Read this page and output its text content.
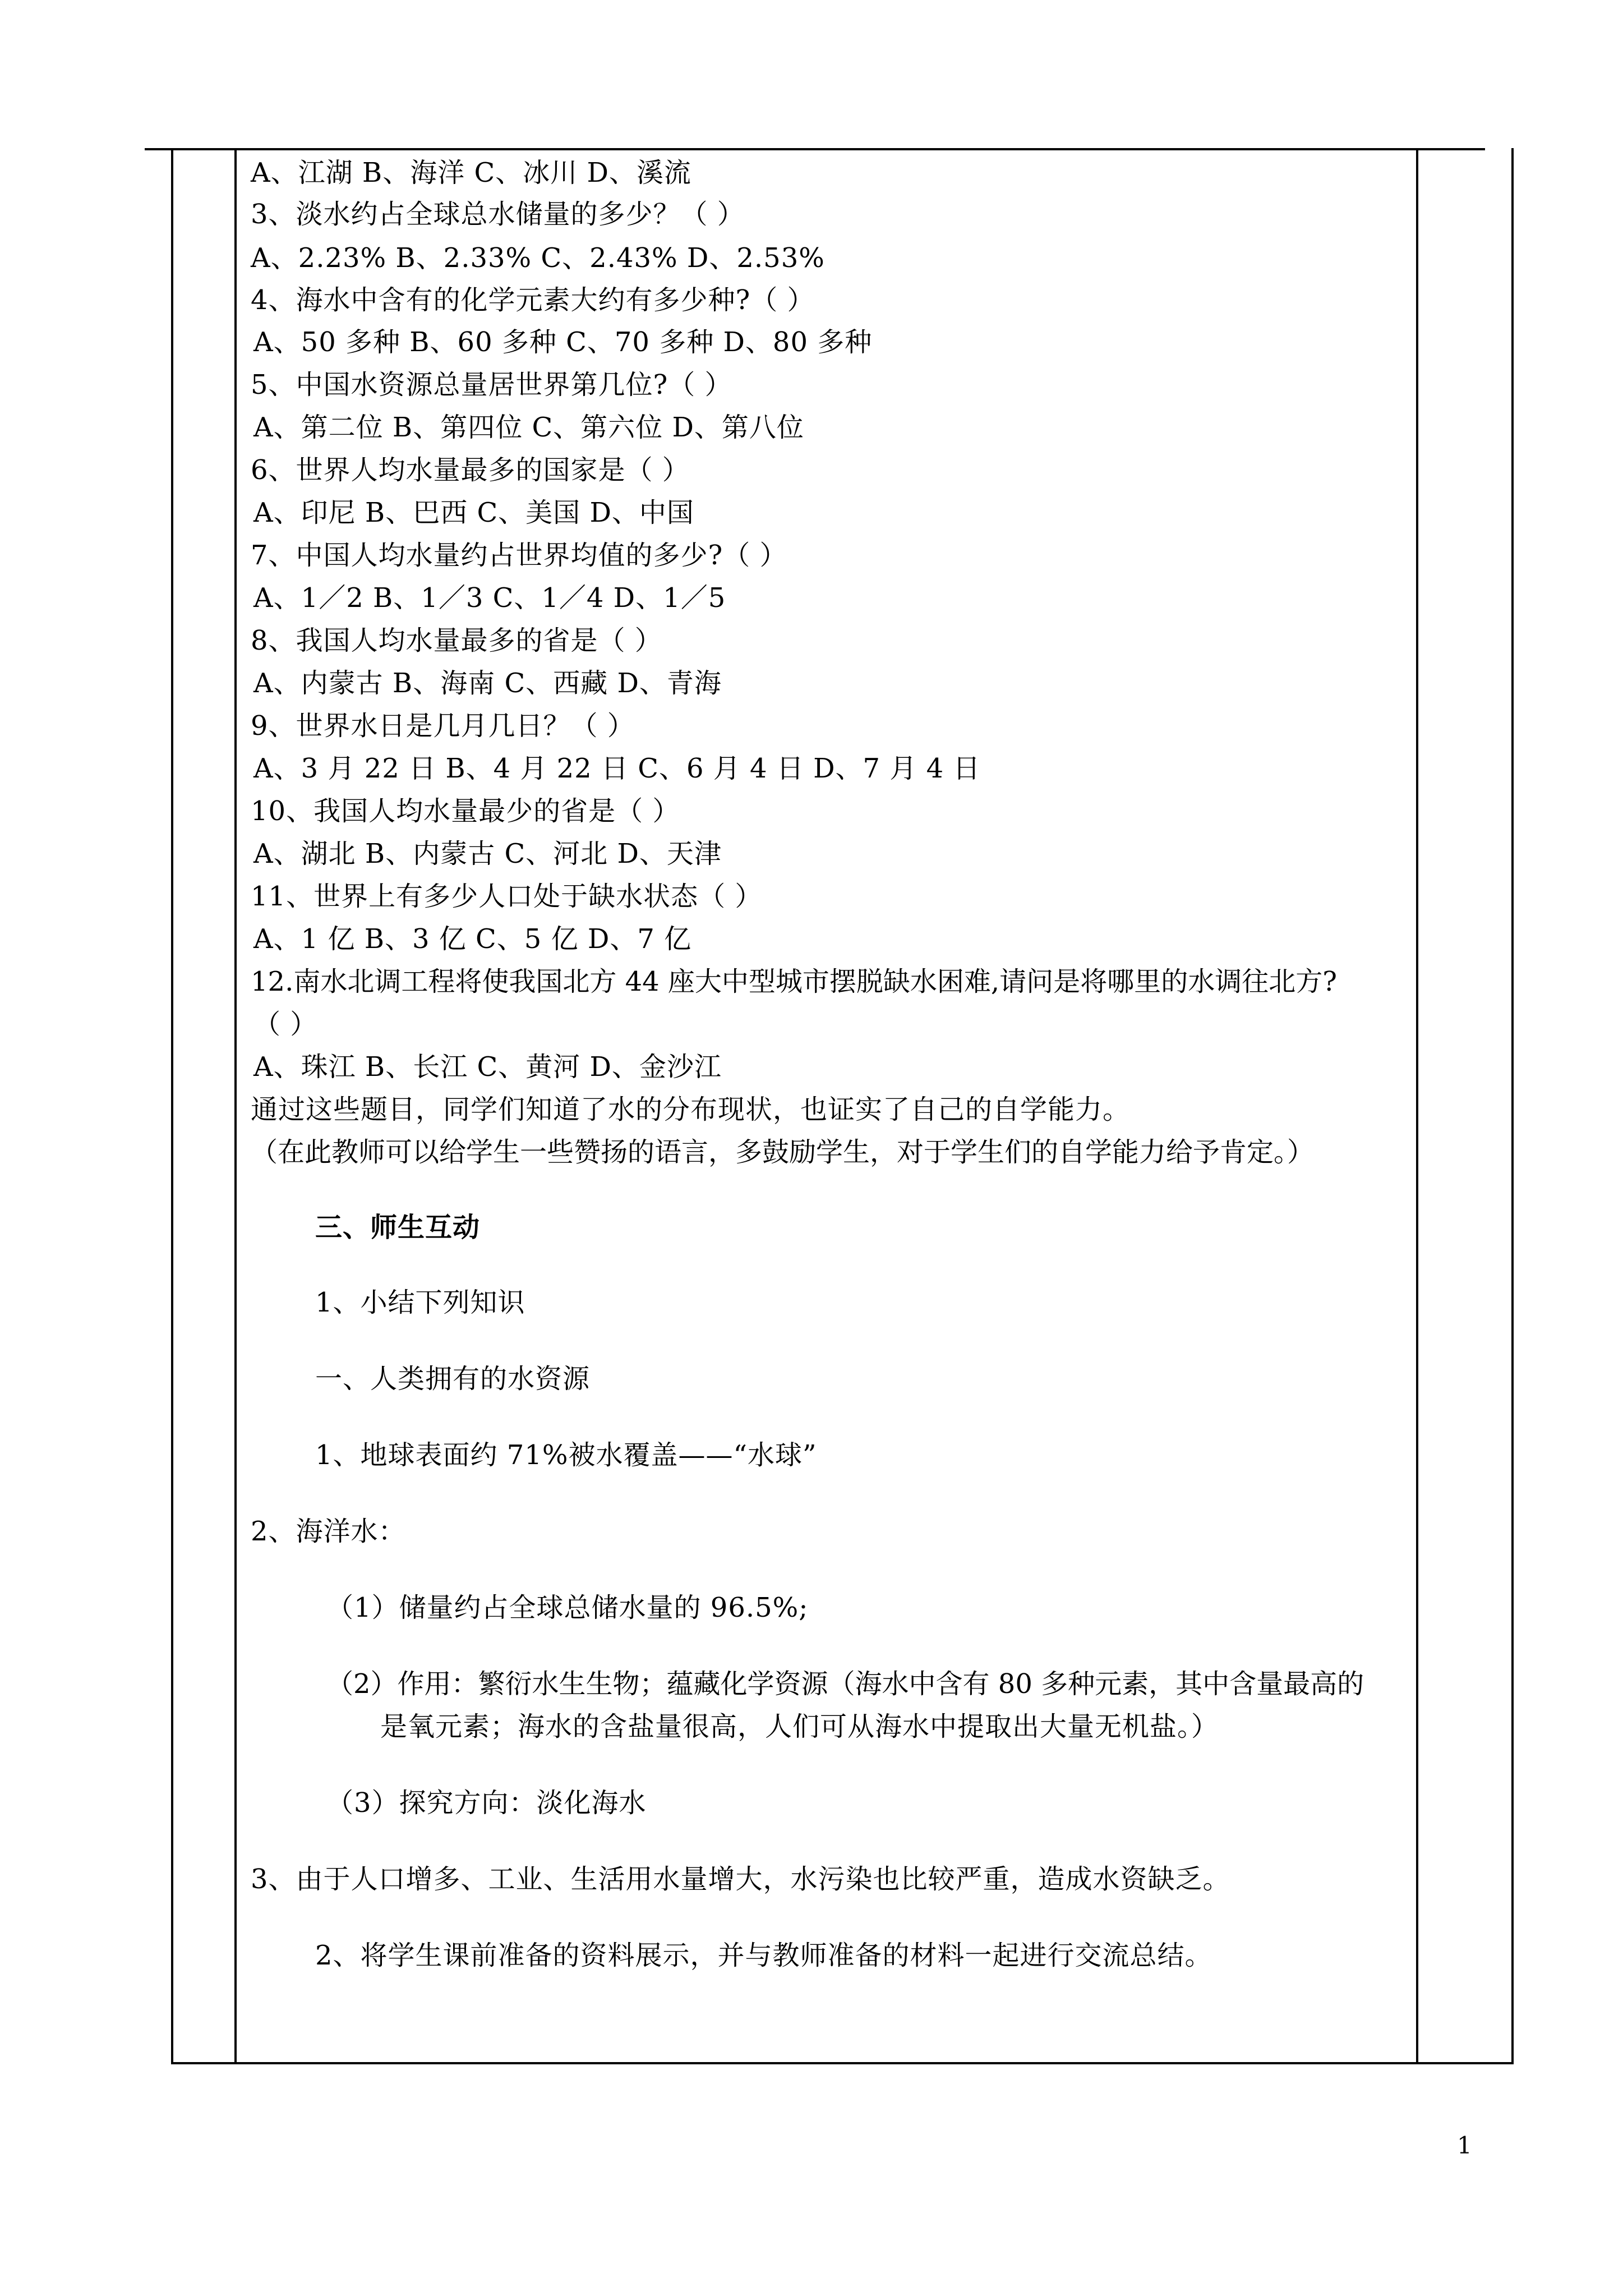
A、江湖 B、海洋 C、冰川 D、溪流
3、淡水约占全球总水储量的多少？（ ）
A、2.23% B、2.33% C、2.43% D、2.53%
4、海水中含有的化学元素大约有多少种?（ ）
A、50 多种 B、60 多种 C、70 多种 D、80 多种
5、中国水资源总量居世界第几位?（ ）
A、第二位 B、第四位 C、第六位 D、第八位
6、世界人均水量最多的国家是（ ）
A、印尼 B、巴西 C、美国 D、中国
7、中国人均水量约占世界均值的多少?（ ）
A、1／2 B、1／3 C、1／4 D、1／5
8、我国人均水量最多的省是（ ）
A、内蒙古 B、海南 C、西藏 D、青海
9、世界水日是几月几日？（ ）
A、3 月 22 日 B、4 月 22 日 C、6 月 4 日 D、7 月 4 日
10、我国人均水量最少的省是（ ）
A、湖北 B、内蒙古 C、河北 D、天津
11、世界上有多少人口处于缺水状态（ ）
A、1 亿 B、3 亿 C、5 亿 D、7 亿
12.南水北调工程将使我国北方 44 座大中型城市摆脱缺水困难,请问是将哪里的水调往北方?
（ ）
A、珠江 B、长江 C、黄河 D、金沙江
通过这些题目，同学们知道了水的分布现状，也证实了自己的自学能力。
（在此教师可以给学生一些赞扬的语言，多鼓励学生，对于学生们的自学能力给予肯定。）
三、师生互动
1、小结下列知识
一、人类拥有的水资源
1、地球表面约 71%被水覆盖——“水球”
2、海洋水：
（1）储量约占全球总储水量的 96.5%;
（2）作用：繁衍水生生物；蕴藏化学资源（海水中含有 80 多种元素，其中含量最高的
是氧元素；海水的含盐量很高，人们可从海水中提取出大量无机盐。）
（3）探究方向：淡化海水
3、由于人口增多、工业、生活用水量增大，水污染也比较严重，造成水资缺乏。
2、将学生课前准备的资料展示，并与教师准备的材料一起进行交流总结。
1
